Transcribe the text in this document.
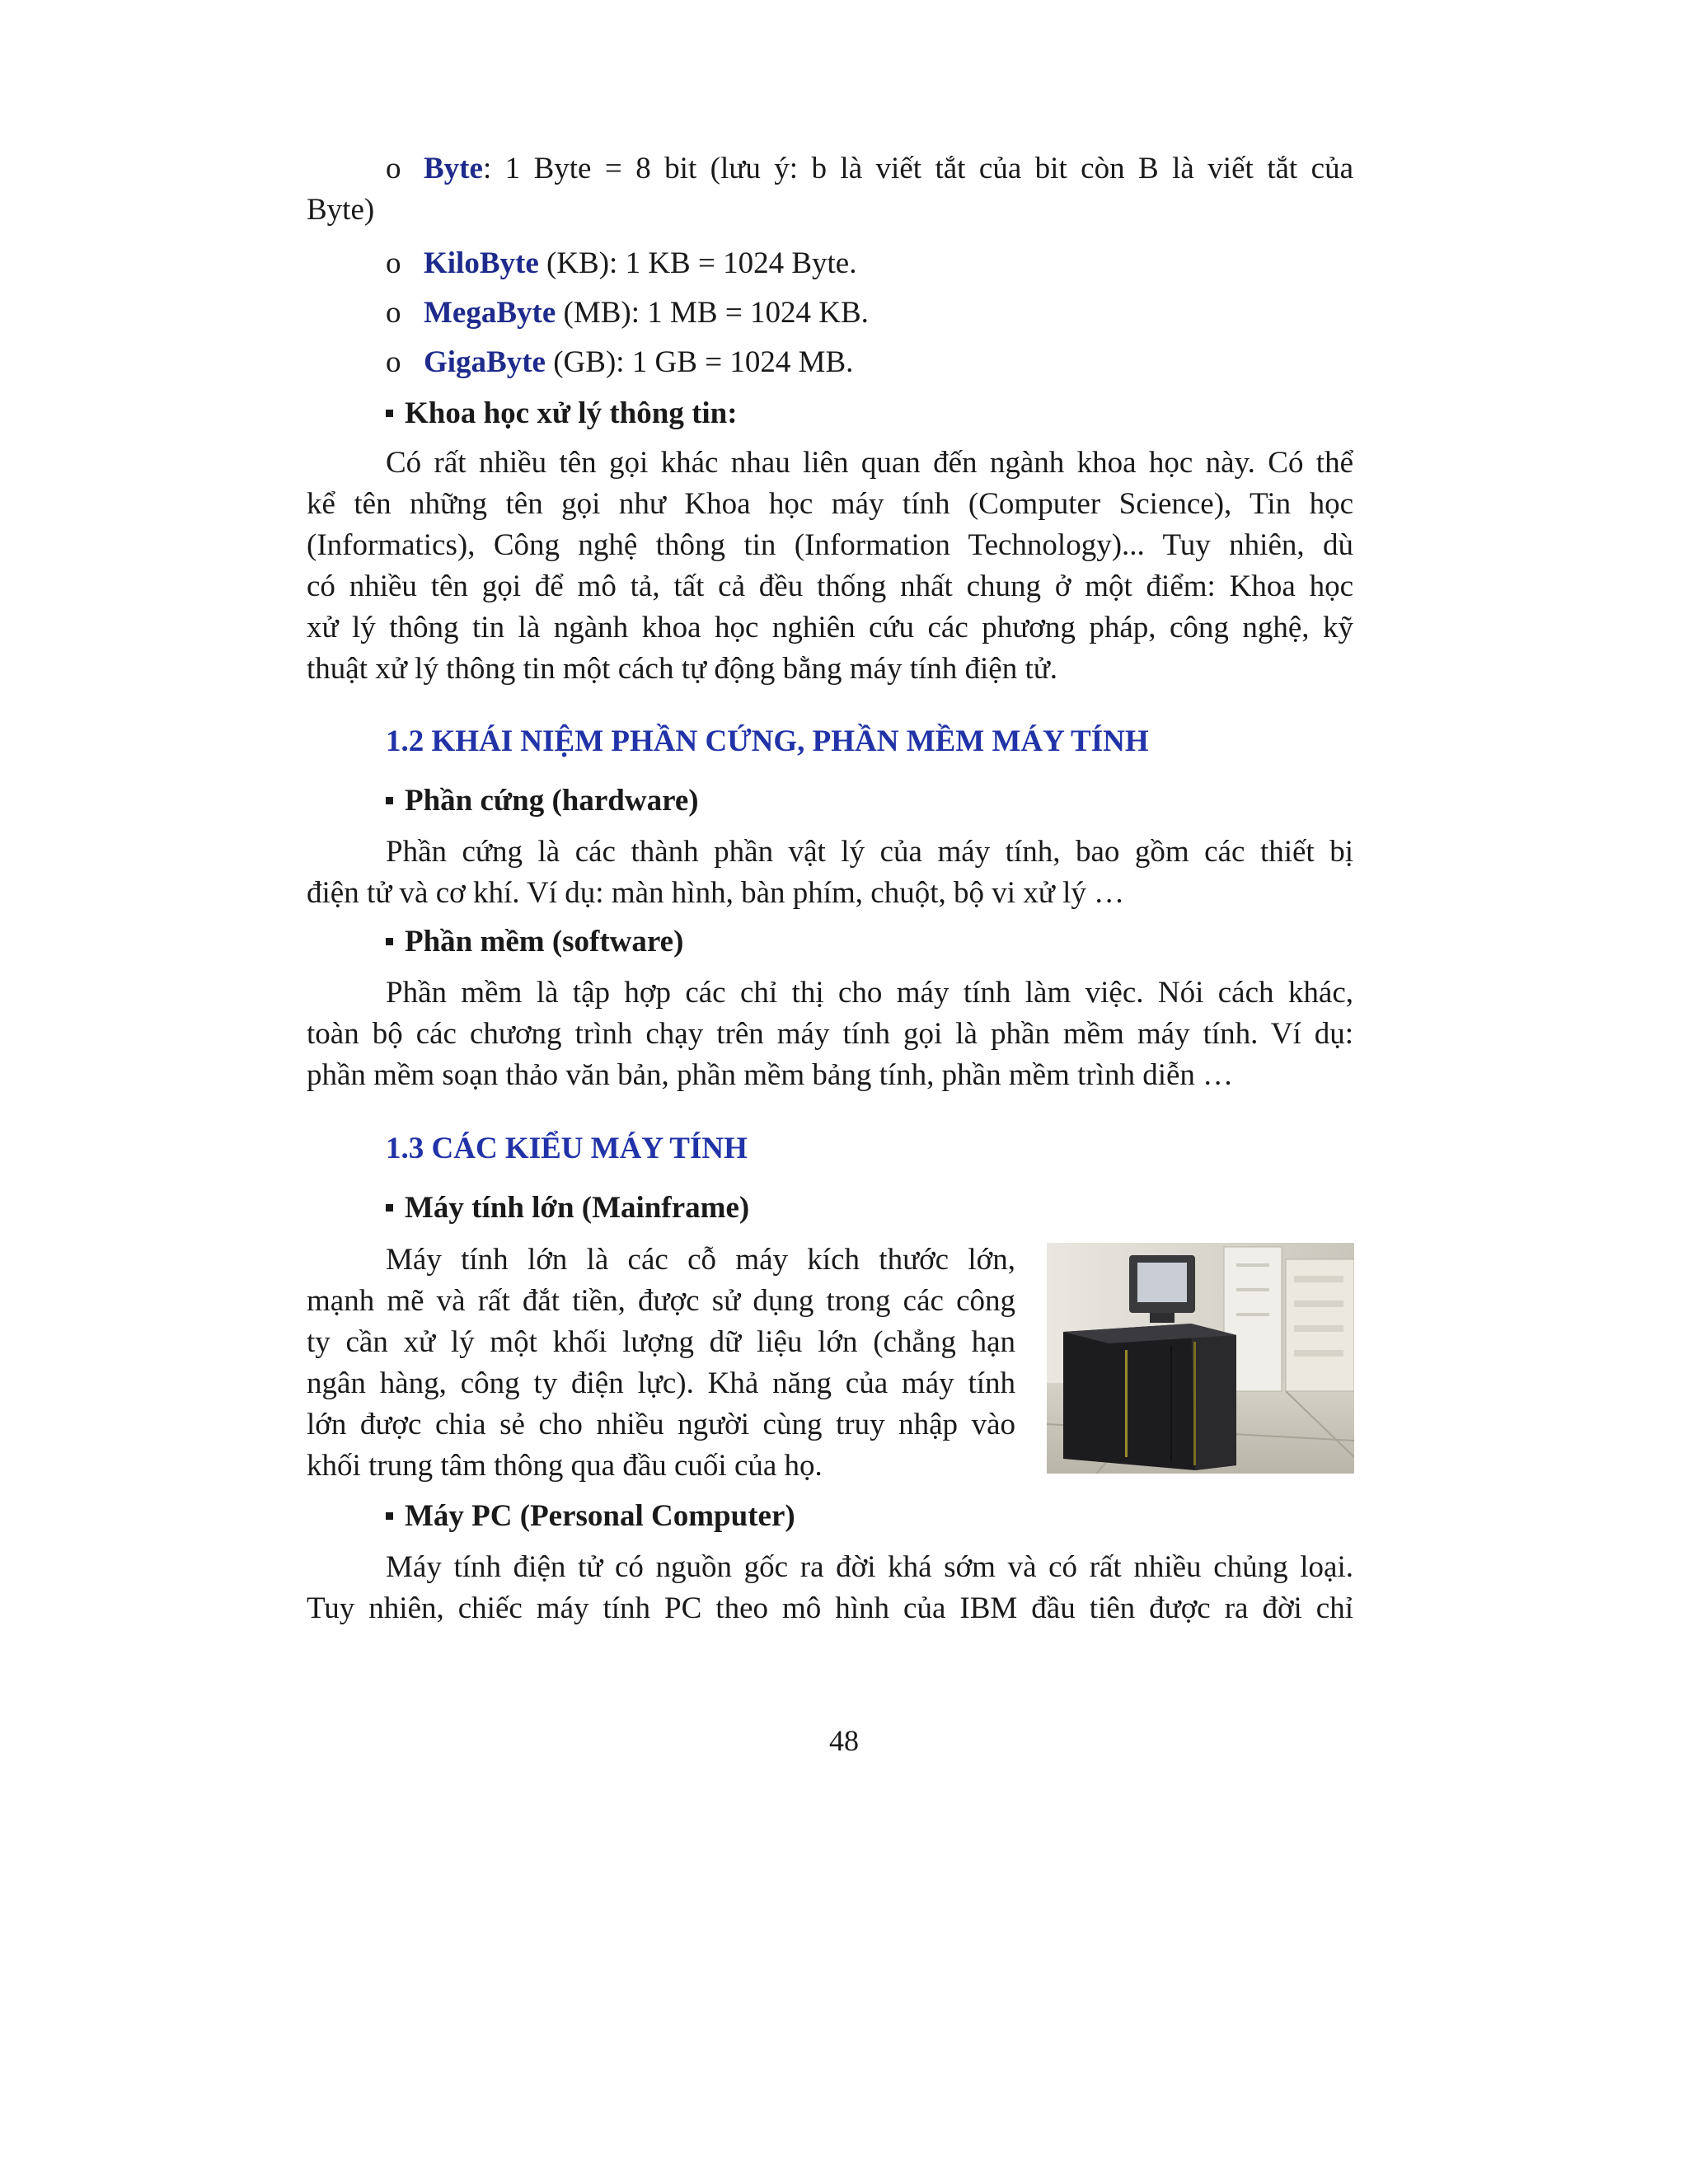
o Byte: 1 Byte = 8 bit (lưu ý: b là viết tắt của bit còn B là viết tắt của

Byte)

o KiloByte (KB): 1 KB = 1024 Byte.

o MegaByte (MB): 1 MB = 1024 KB.

o GigaByte (GB): 1 GB = 1024 MB.

Khoa học xử lý thông tin:

Có rất nhiều tên gọi khác nhau liên quan đến ngành khoa học này. Có thể

kể tên những tên gọi như Khoa học máy tính (Computer Science), Tin học

(Informatics), Công nghệ thông tin (Information Technology)... Tuy nhiên, dù

có nhiều tên gọi để mô tả, tất cả đều thống nhất chung ở một điểm: Khoa học

xử lý thông tin là ngành khoa học nghiên cứu các phương pháp, công nghệ, kỹ

thuật xử lý thông tin một cách tự động bằng máy tính điện tử.

1.2 KHÁI NIỆM PHẦN CỨNG, PHẦN MỀM MÁY TÍNH

Phần cứng (hardware)

Phần cứng là các thành phần vật lý của máy tính, bao gồm các thiết bị

điện tử và cơ khí. Ví dụ: màn hình, bàn phím, chuột, bộ vi xử lý …

Phần mềm (software)

Phần mềm là tập hợp các chỉ thị cho máy tính làm việc. Nói cách khác,

toàn bộ các chương trình chạy trên máy tính gọi là phần mềm máy tính. Ví dụ:

phần mềm soạn thảo văn bản, phần mềm bảng tính, phần mềm trình diễn …

1.3 CÁC KIỂU MÁY TÍNH

Máy tính lớn (Mainframe)

Máy tính lớn là các cỗ máy kích thước lớn,

mạnh mẽ và rất đắt tiền, được sử dụng trong các công

ty cần xử lý một khối lượng dữ liệu lớn (chẳng hạn

ngân hàng, công ty điện lực). Khả năng của máy tính

lớn được chia sẻ cho nhiều người cùng truy nhập vào

khối trung tâm thông qua đầu cuối của họ.

Máy PC (Personal Computer)

Máy tính điện tử có nguồn gốc ra đời khá sớm và có rất nhiều chủng loại.

Tuy nhiên, chiếc máy tính PC theo mô hình của IBM đầu tiên được ra đời chỉ

48
